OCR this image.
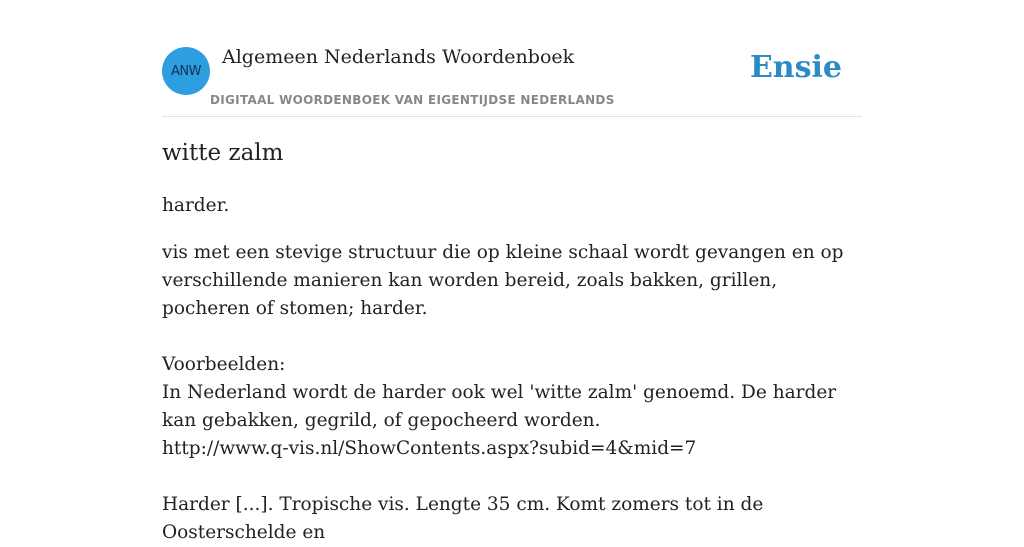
ANW
Algemeen Nederlands Woordenboek
DIGITAAL WOORDENBOEK VAN EIGENTIJDSE NEDERLANDS
Ensie
witte zalm

harder.

vis met een stevige structuur die op kleine schaal wordt gevangen en op verschillende manieren kan worden bereid, zoals bakken, grillen, pocheren of stomen; harder.

Voorbeelden:

In Nederland wordt de harder ook wel 'witte zalm' genoemd. De harder kan gebakken, gegrild, of gepocheerd worden.

http://www.q-vis.nl/ShowContents.aspx?subid=4&mid=7

Harder [...]. Tropische vis. Lengte 35 cm. Komt zomers tot in de Oosterschelde en
